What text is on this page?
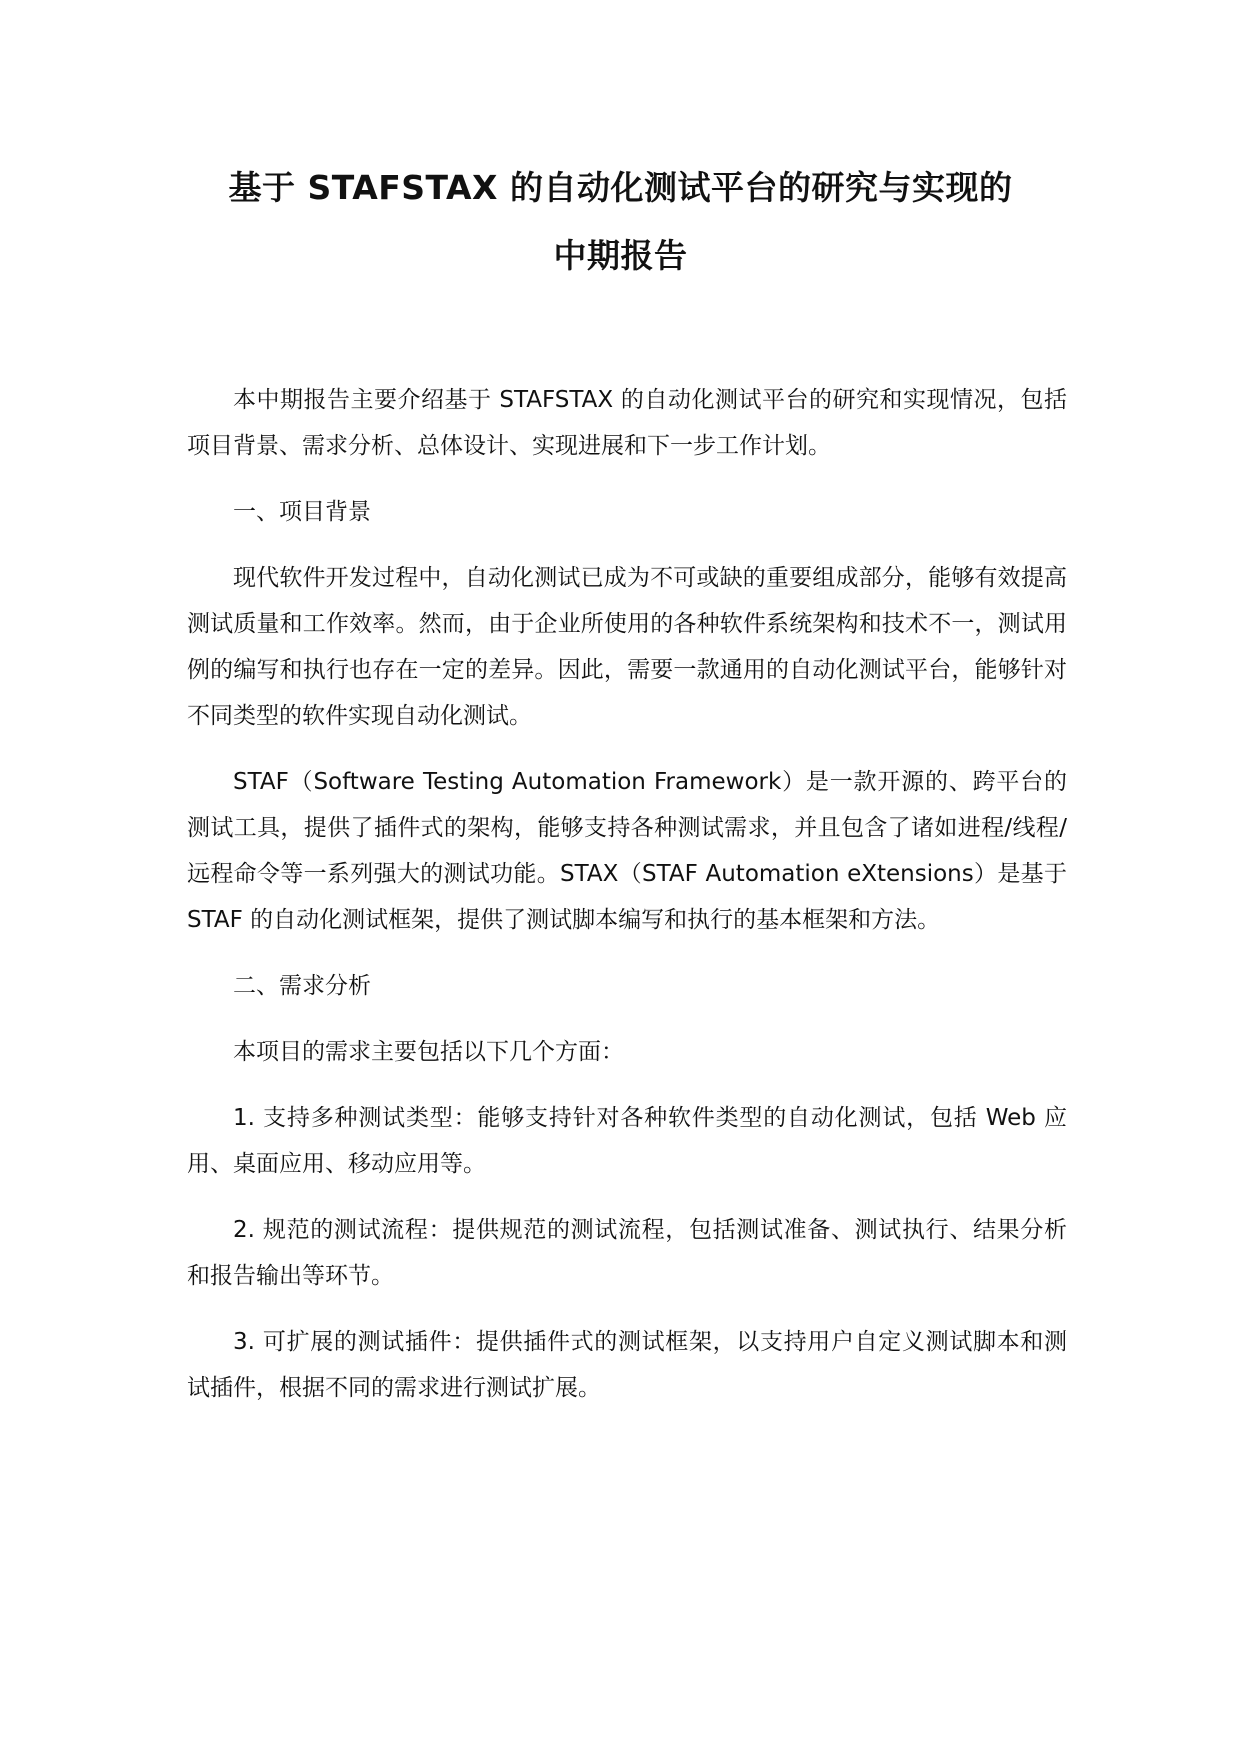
基于 STAFSTAX 的自动化测试平台的研究与实现的
中期报告

本中期报告主要介绍基于 STAFSTAX 的自动化测试平台的研究和实现情况，包括项目背景、需求分析、总体设计、实现进展和下一步工作计划。

一、项目背景

现代软件开发过程中，自动化测试已成为不可或缺的重要组成部分，能够有效提高测试质量和工作效率。然而，由于企业所使用的各种软件系统架构和技术不一，测试用例的编写和执行也存在一定的差异。因此，需要一款通用的自动化测试平台，能够针对不同类型的软件实现自动化测试。

STAF（Software Testing Automation Framework）是一款开源的、跨平台的测试工具，提供了插件式的架构，能够支持各种测试需求，并且包含了诸如进程/线程/远程命令等一系列强大的测试功能。STAX（STAF Automation eXtensions）是基于 STAF 的自动化测试框架，提供了测试脚本编写和执行的基本框架和方法。

二、需求分析

本项目的需求主要包括以下几个方面：

1. 支持多种测试类型：能够支持针对各种软件类型的自动化测试，包括 Web 应用、桌面应用、移动应用等。

2. 规范的测试流程：提供规范的测试流程，包括测试准备、测试执行、结果分析和报告输出等环节。

3. 可扩展的测试插件：提供插件式的测试框架，以支持用户自定义测试脚本和测试插件，根据不同的需求进行测试扩展。
